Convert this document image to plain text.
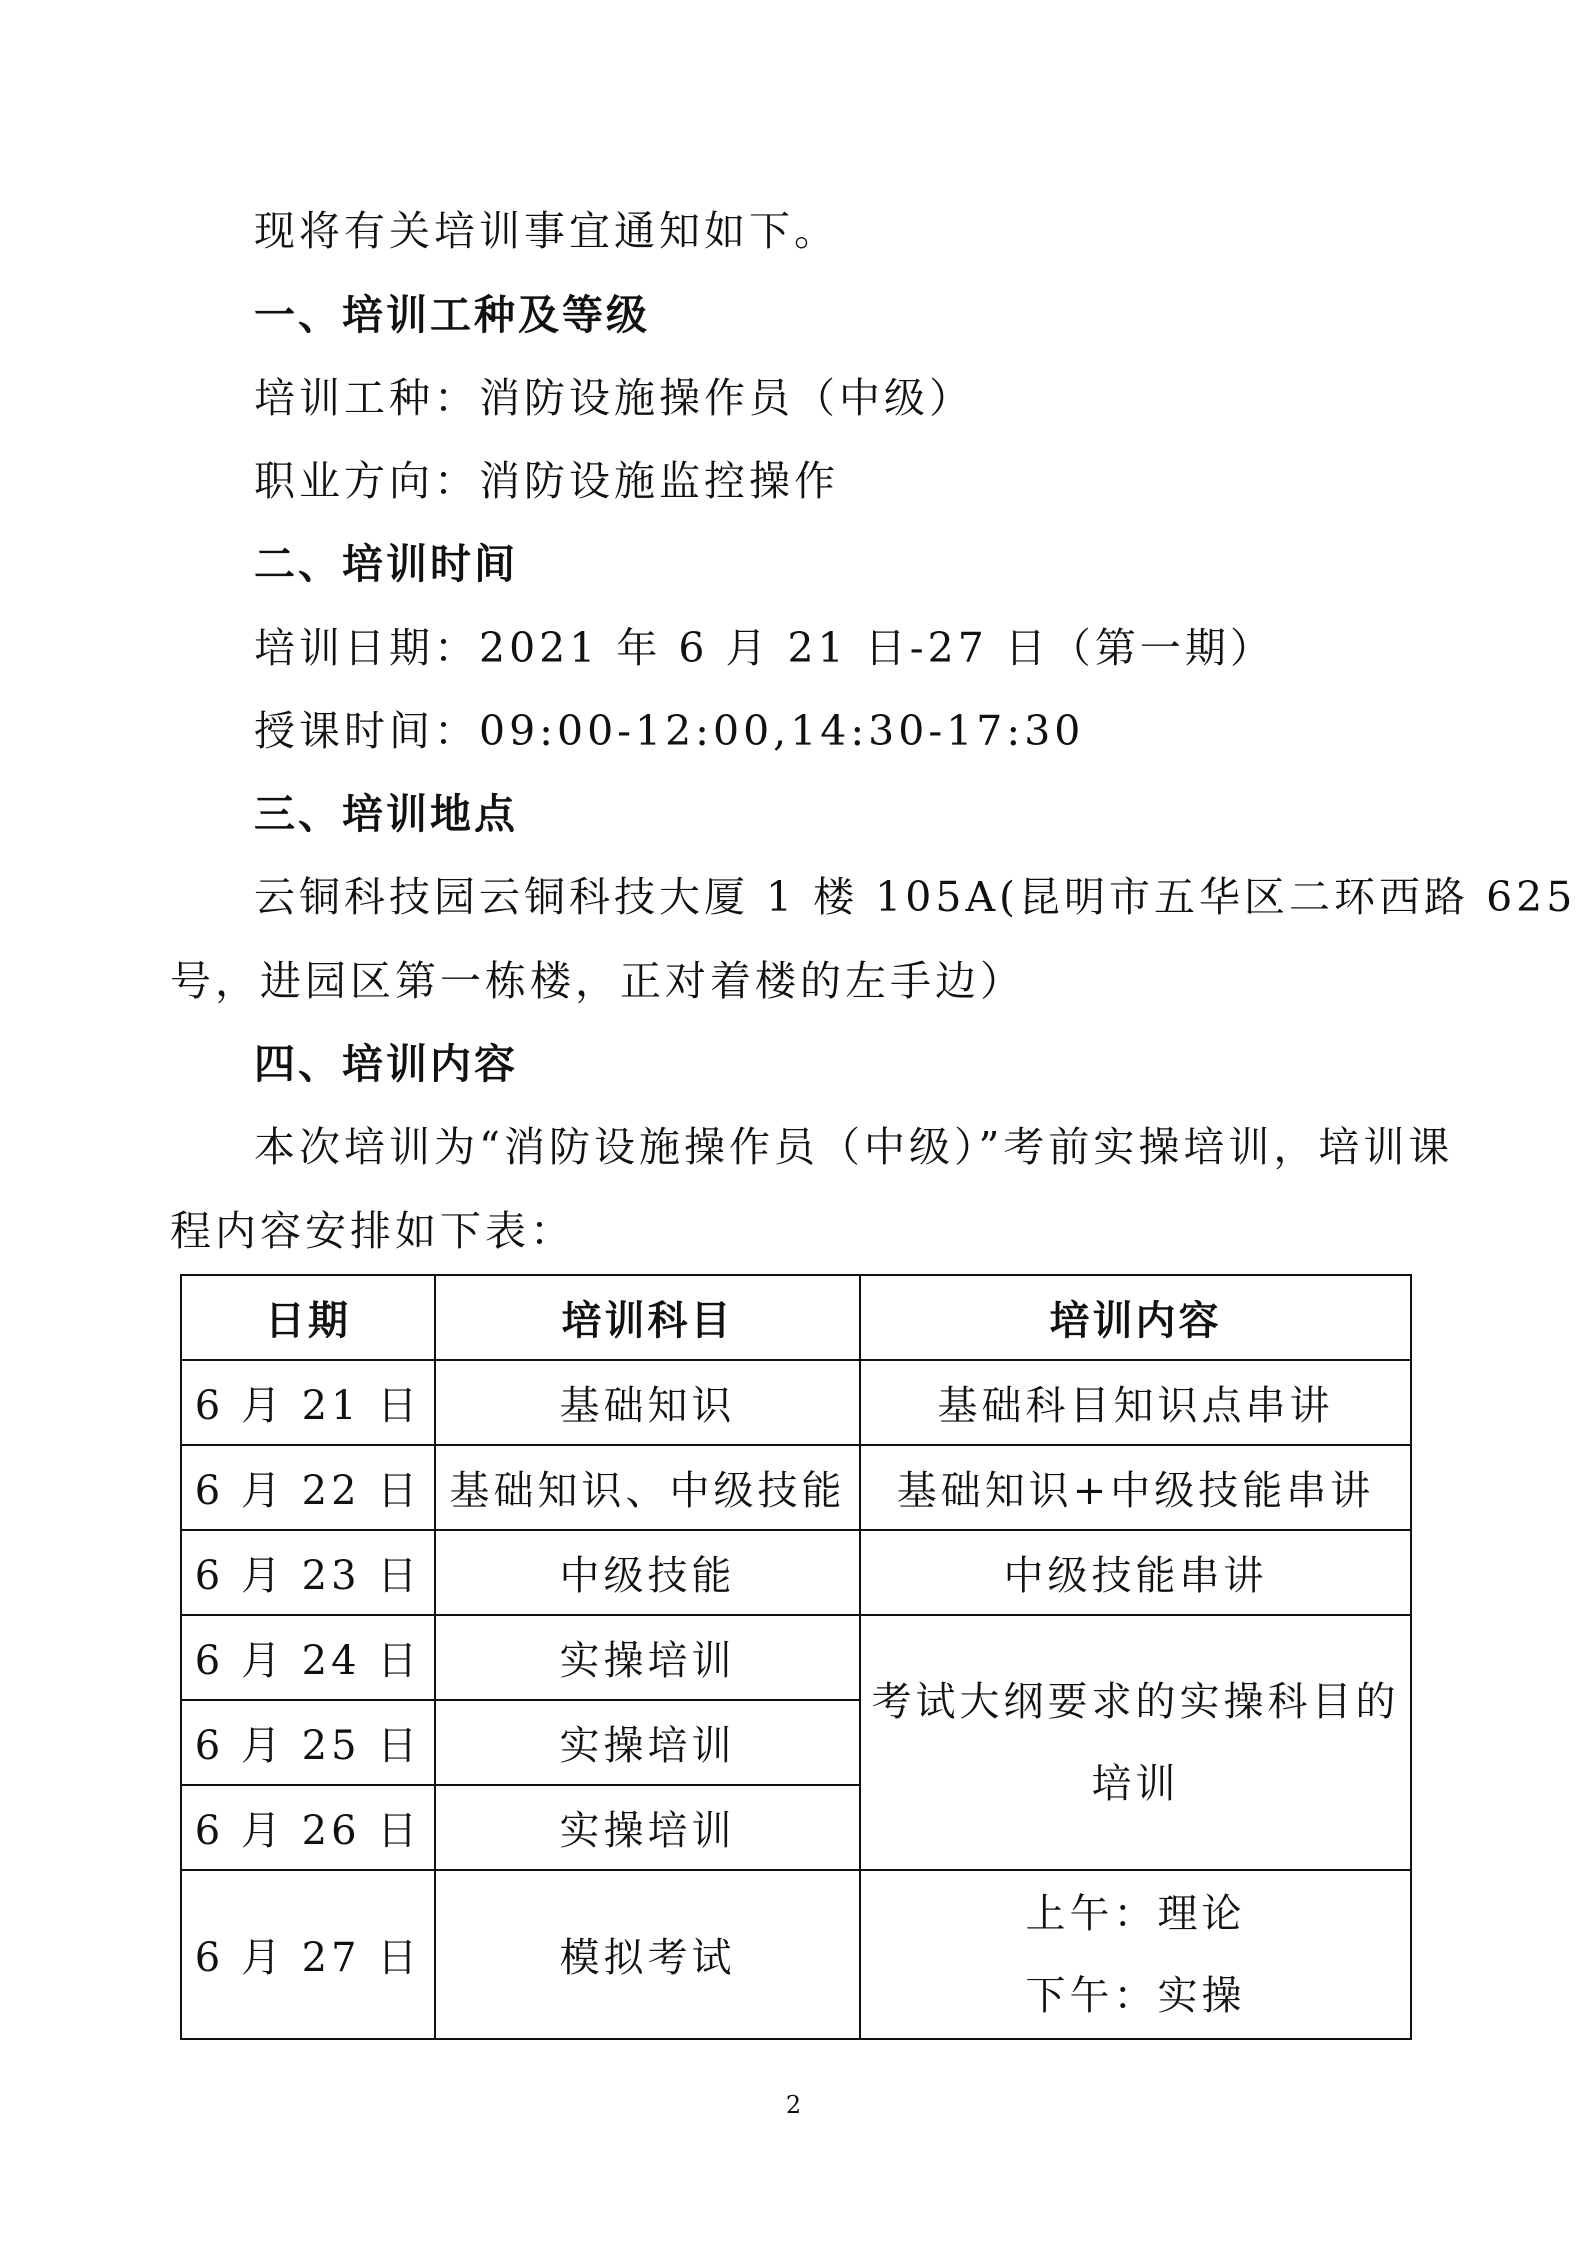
现将有关培训事宜通知如下。
一、培训工种及等级
培训工种：消防设施操作员（中级）
职业方向：消防设施监控操作
二、培训时间
培训日期：2021 年 6 月 21 日-27 日（第一期）
授课时间：09:00-12:00,14:30-17:30
三、培训地点
云铜科技园云铜科技大厦 1 楼 105A(昆明市五华区二环西路 625
号，进园区第一栋楼，正对着楼的左手边）
四、培训内容
本次培训为“消防设施操作员（中级）”考前实操培训，培训课
程内容安排如下表：
日期	培训科目	培训内容
6 月 21 日	基础知识	基础科目知识点串讲
6 月 22 日	基础知识、中级技能	基础知识+中级技能串讲
6 月 23 日	中级技能	中级技能串讲
6 月 24 日	实操培训	考试大纲要求的实操科目的
培训

6 月 25 日	实操培训	
6 月 26 日	实操培训	
6 月 27 日	模拟考试	上午：理论
下午：实操
2
